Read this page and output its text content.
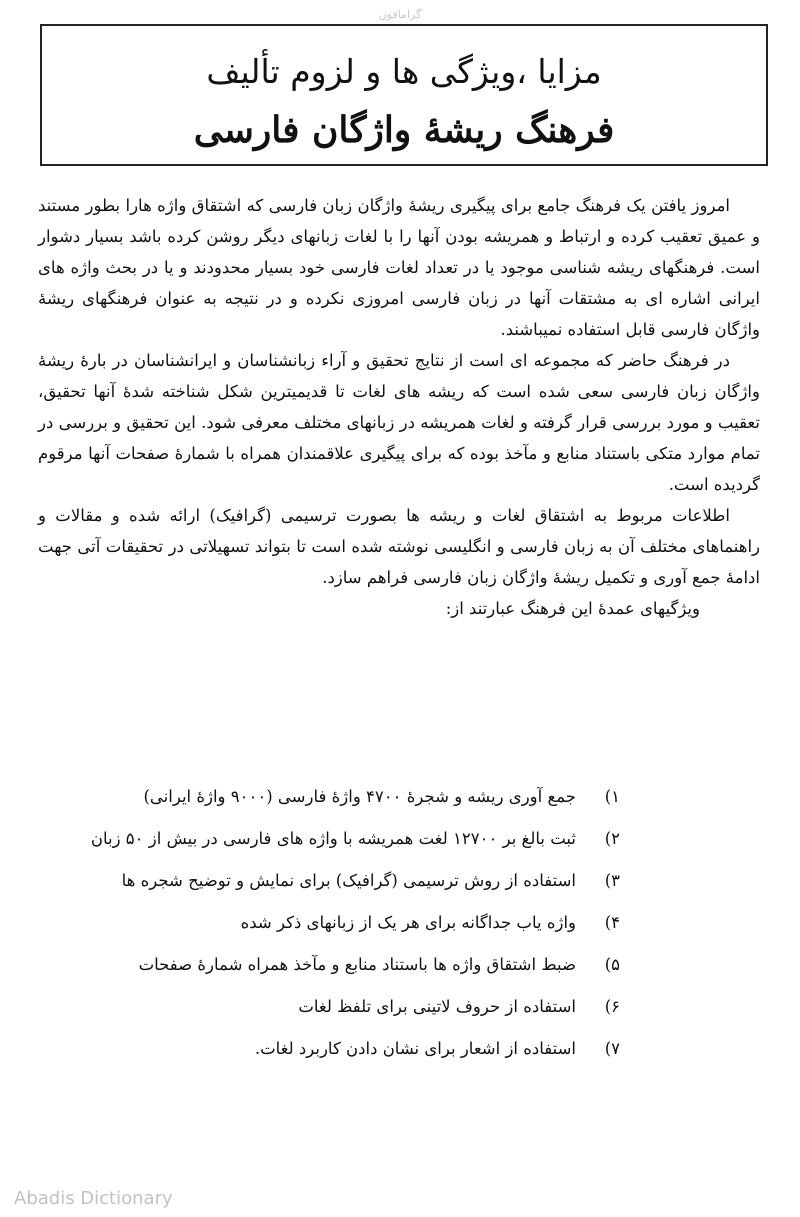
گرامافون
مزایا ،ویژگی ها و لزوم تألیف
فرهنگ ریشهٔ واژگان فارسی

امروز یافتن یک فرهنگ جامع برای پیگیری ریشهٔ واژگان زبان فارسی که اشتقاق واژه هارا بطور مستند و عمیق تعقیب کرده و ارتباط و همریشه بودن آنها را با لغات زبانهای دیگر روشن کرده باشد بسیار دشوار است. فرهنگهای ریشه شناسی موجود یا در تعداد لغات فارسی خود بسیار محدودند و یا در بحث واژه های ایرانی اشاره ای به مشتقات آنها در زبان فارسی امروزی نکرده و در نتیجه به عنوان فرهنگهای ریشهٔ واژگان فارسی قابل استفاده نمیباشند.

در فرهنگ حاضر که مجموعه ای است از نتایج تحقیق و آراء زبانشناسان و ایرانشناسان در بارهٔ ریشهٔ واژگان زبان فارسی سعی شده است که ریشه های لغات تا قدیمیترین شکل شناخته شدهٔ آنها تحقیق، تعقیب و مورد بررسی قرار گرفته و لغات همریشه در زبانهای مختلف معرفی شود. این تحقیق و بررسی در تمام موارد متکی باستناد منابع و مآخذ بوده که برای پیگیری علاقمندان همراه با شمارهٔ صفحات آنها مرقوم گردیده است.

اطلاعات مربوط به اشتقاق لغات و ریشه ها بصورت ترسیمی (گرافیک) ارائه شده و مقالات و راهنماهای مختلف آن به زبان فارسی و انگلیسی نوشته شده است تا بتواند تسهیلاتی در تحقیقات آتی جهت ادامهٔ جمع آوری و تکمیل ریشهٔ واژگان زبان فارسی فراهم سازد.

ویژگیهای عمدهٔ این فرهنگ عبارتند از:

۱)
جمع آوری ریشه و شجرهٔ ۴۷۰۰ واژهٔ فارسی (۹۰۰۰ واژهٔ ایرانی)
۲)
ثبت بالغ بر ۱۲۷۰۰ لغت همریشه با واژه های فارسی در بیش از ۵۰ زبان
۳)
استفاده از روش ترسیمی (گرافیک) برای نمایش و توضیح شجره ها
۴)
واژه یاب جداگانه برای هر یک از زبانهای ذکر شده
۵)
ضبط اشتقاق واژه ها باستناد منابع و مآخذ همراه شمارهٔ صفحات
۶)
استفاده از حروف لاتینی برای تلفظ لغات
۷)
استفاده از اشعار برای نشان دادن کاربرد لغات.
Abadis Dictionary
